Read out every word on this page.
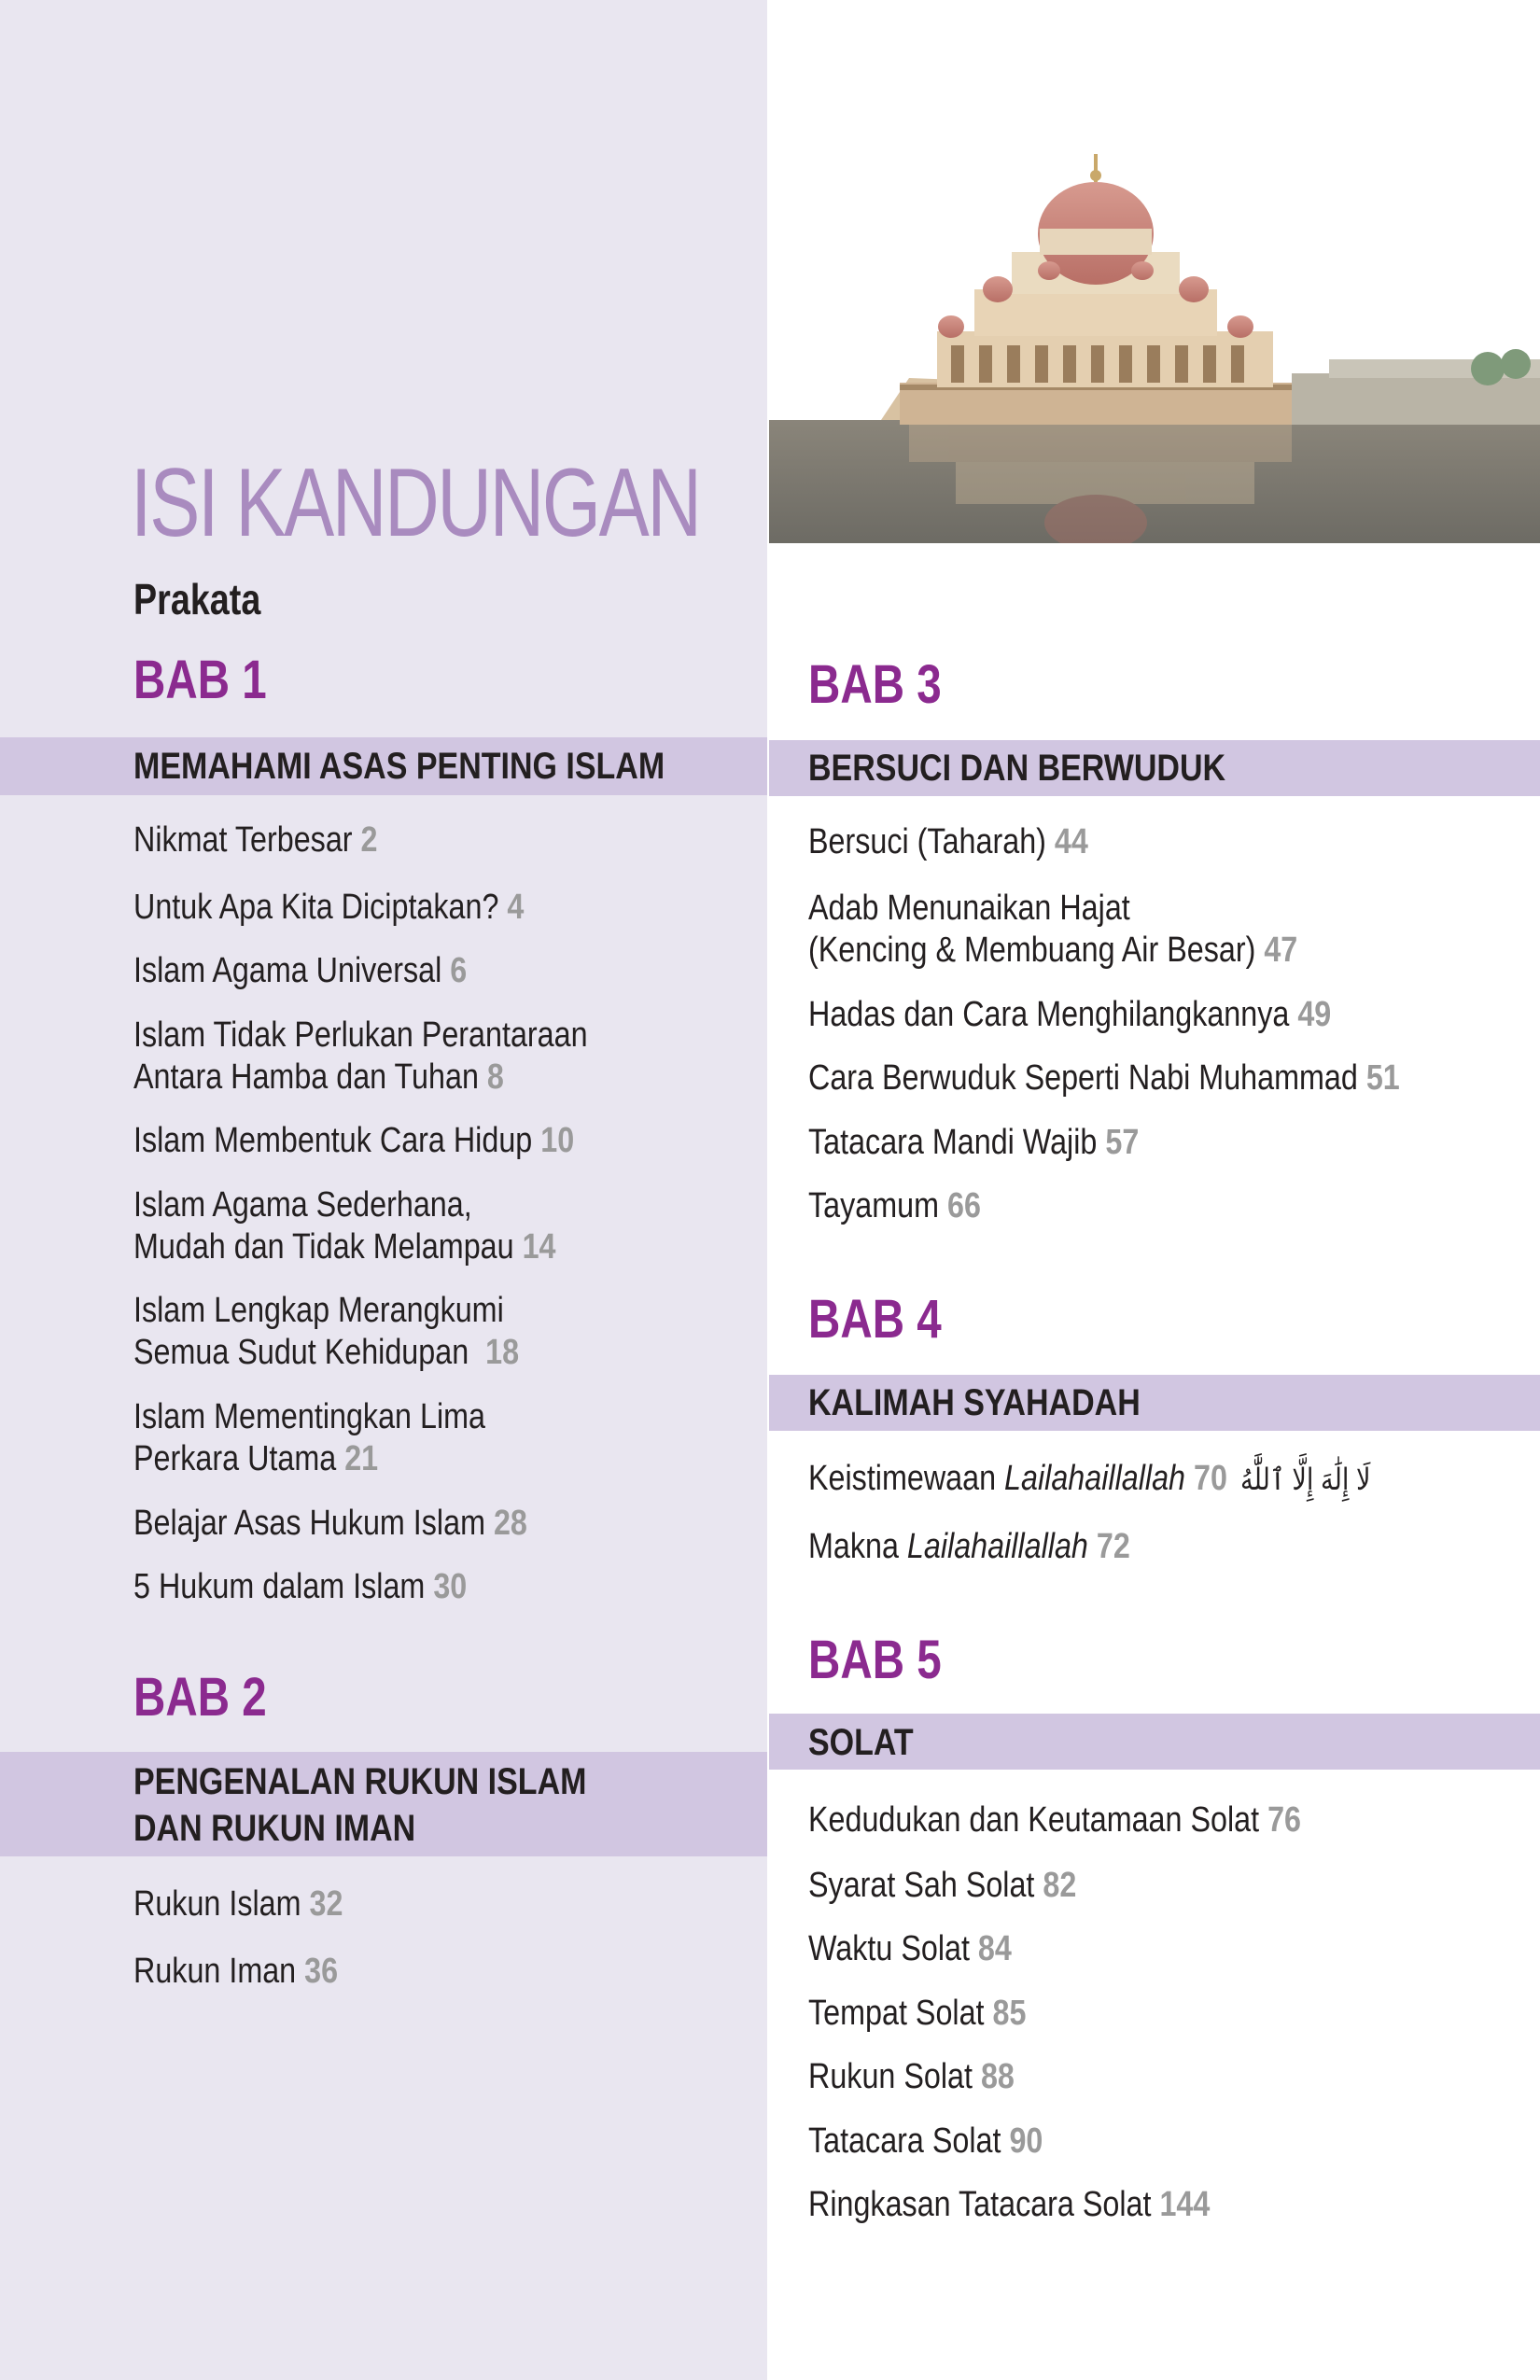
ISI KANDUNGAN
Prakata
BAB 1
MEMAHAMI ASAS PENTING ISLAM
Nikmat Terbesar 2
Untuk Apa Kita Diciptakan? 4
Islam Agama Universal 6
Islam Tidak Perlukan Perantaraan
Antara Hamba dan Tuhan 8
Islam Membentuk Cara Hidup 10
Islam Agama Sederhana,
Mudah dan Tidak Melampau 14
Islam Lengkap Merangkumi
Semua Sudut Kehidupan 18
Islam Mementingkan Lima
Perkara Utama 21
Belajar Asas Hukum Islam 28
5 Hukum dalam Islam 30
BAB 2
PENGENALAN RUKUN ISLAM
DAN RUKUN IMAN
Rukun Islam 32
Rukun Iman 36
BAB 3
BERSUCI DAN BERWUDUK
Bersuci (Taharah) 44
Adab Menunaikan Hajat
(Kencing & Membuang Air Besar) 47
Hadas dan Cara Menghilangkannya 49
Cara Berwuduk Seperti Nabi Muhammad 51
Tatacara Mandi Wajib 57
Tayamum 66
BAB 4
KALIMAH SYAHADAH
Keistimewaan Lailahaillallah لَا إِلَٰهَ إِلَّا ٱللَّٰهُ 70
Makna Lailahaillallah 72
BAB 5
SOLAT
Kedudukan dan Keutamaan Solat 76
Syarat Sah Solat 82
Waktu Solat 84
Tempat Solat 85
Rukun Solat 88
Tatacara Solat 90
Ringkasan Tatacara Solat 144
